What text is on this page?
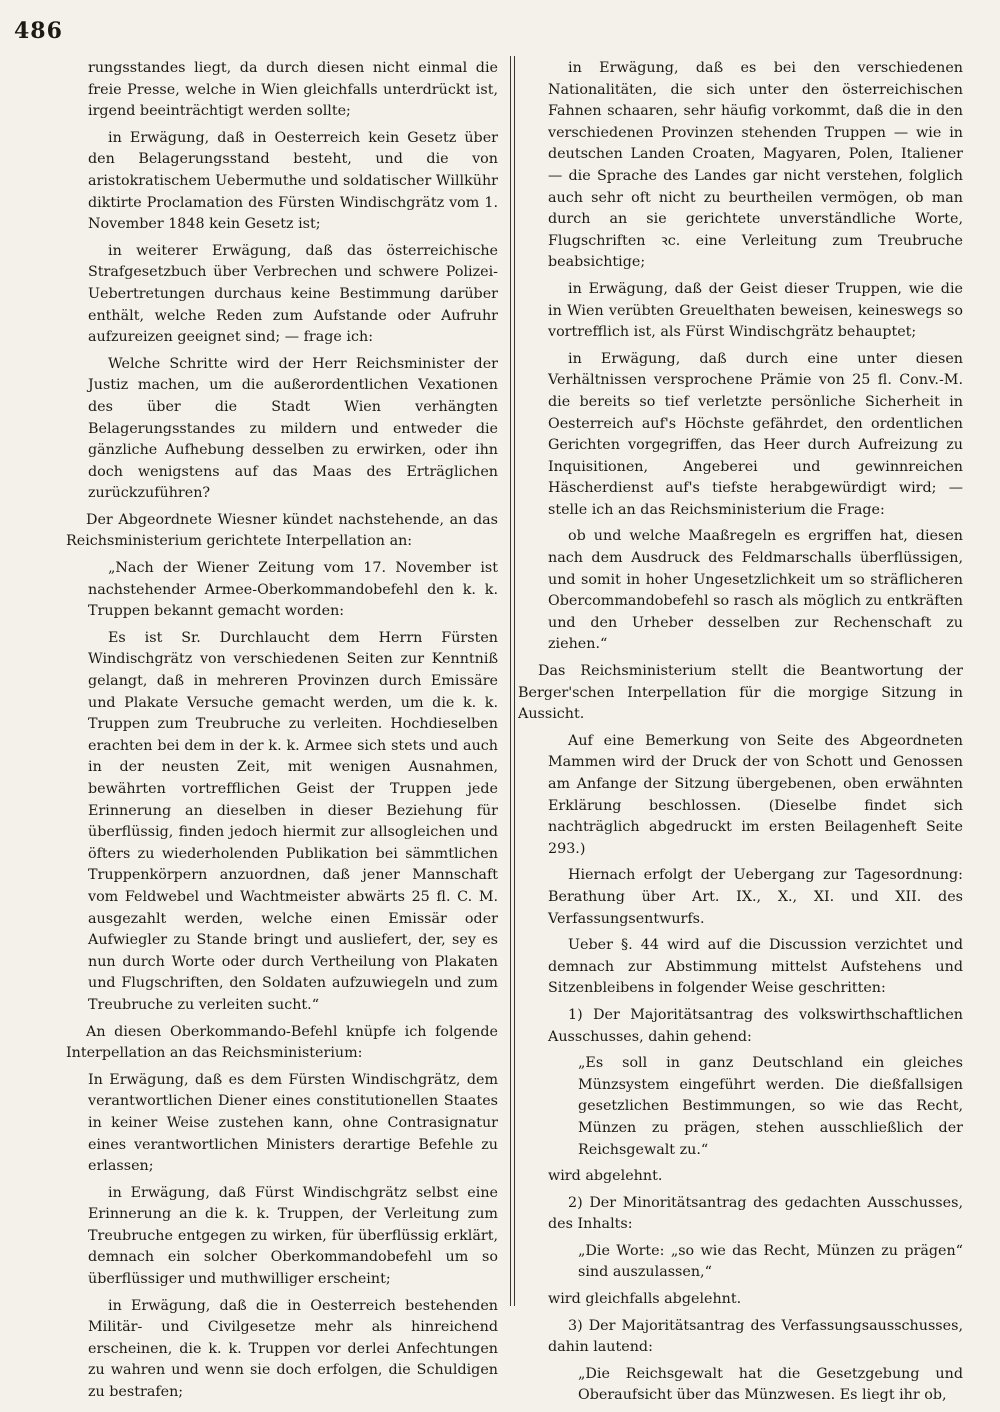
486

rungsstandes liegt, da durch diesen nicht einmal die freie Presse, welche in Wien gleichfalls unterdrückt ist, irgend beeinträchtigt werden sollte;

in Erwägung, daß in Oesterreich kein Gesetz über den Belagerungsstand besteht, und die von aristokratischem Uebermuthe und soldatischer Willkühr diktirte Proclamation des Fürsten Windischgrätz vom 1. November 1848 kein Gesetz ist;

in weiterer Erwägung, daß das österreichische Strafgesetzbuch über Verbrechen und schwere Polizei-Uebertretungen durchaus keine Bestimmung darüber enthält, welche Reden zum Aufstande oder Aufruhr aufzureizen geeignet sind; — frage ich:

Welche Schritte wird der Herr Reichsminister der Justiz machen, um die außerordentlichen Vexationen des über die Stadt Wien verhängten Belagerungsstandes zu mildern und entweder die gänzliche Aufhebung desselben zu erwirken, oder ihn doch wenigstens auf das Maas des Erträglichen zurückzuführen?

Der Abgeordnete Wiesner kündet nachstehende, an das Reichsministerium gerichtete Interpellation an:

„Nach der Wiener Zeitung vom 17. November ist nachstehender Armee-Oberkommandobefehl den k. k. Truppen bekannt gemacht worden:

Es ist Sr. Durchlaucht dem Herrn Fürsten Windischgrätz von verschiedenen Seiten zur Kenntniß gelangt, daß in mehreren Provinzen durch Emissäre und Plakate Versuche gemacht werden, um die k. k. Truppen zum Treubruche zu verleiten. Hochdieselben erachten bei dem in der k. k. Armee sich stets und auch in der neusten Zeit, mit wenigen Ausnahmen, bewährten vortrefflichen Geist der Truppen jede Erinnerung an dieselben in dieser Beziehung für überflüssig, finden jedoch hiermit zur allsogleichen und öfters zu wiederholenden Publikation bei sämmtlichen Truppenkörpern anzuordnen, daß jener Mannschaft vom Feldwebel und Wachtmeister abwärts 25 fl. C. M. ausgezahlt werden, welche einen Emissär oder Aufwiegler zu Stande bringt und ausliefert, der, sey es nun durch Worte oder durch Vertheilung von Plakaten und Flugschriften, den Soldaten aufzuwiegeln und zum Treubruche zu verleiten sucht.“

An diesen Oberkommando-Befehl knüpfe ich folgende Interpellation an das Reichsministerium:

In Erwägung, daß es dem Fürsten Windischgrätz, dem verantwortlichen Diener eines constitutionellen Staates in keiner Weise zustehen kann, ohne Contrasignatur eines verantwortlichen Ministers derartige Befehle zu erlassen;

in Erwägung, daß Fürst Windischgrätz selbst eine Erinnerung an die k. k. Truppen, der Verleitung zum Treubruche entgegen zu wirken, für überflüssig erklärt, demnach ein solcher Oberkommandobefehl um so überflüssiger und muthwilliger erscheint;

in Erwägung, daß die in Oesterreich bestehenden Militär- und Civilgesetze mehr als hinreichend erscheinen, die k. k. Truppen vor derlei Anfechtungen zu wahren und wenn sie doch erfolgen, die Schuldigen zu bestrafen;

in Erwägung, daß es bei den verschiedenen Nationalitäten, die sich unter den österreichischen Fahnen schaaren, sehr häufig vorkommt, daß die in den verschiedenen Provinzen stehenden Truppen — wie in deutschen Landen Croaten, Magyaren, Polen, Italiener — die Sprache des Landes gar nicht verstehen, folglich auch sehr oft nicht zu beurtheilen vermögen, ob man durch an sie gerichtete unverständliche Worte, Flugschriften ꝛc. eine Verleitung zum Treubruche beabsichtige;

in Erwägung, daß der Geist dieser Truppen, wie die in Wien verübten Greuelthaten beweisen, keineswegs so vortrefflich ist, als Fürst Windischgrätz behauptet;

in Erwägung, daß durch eine unter diesen Verhältnissen versprochene Prämie von 25 fl. Conv.-M. die bereits so tief verletzte persönliche Sicherheit in Oesterreich auf's Höchste gefährdet, den ordentlichen Gerichten vorgegriffen, das Heer durch Aufreizung zu Inquisitionen, Angeberei und gewinnreichen Häscherdienst auf's tiefste herabgewürdigt wird; — stelle ich an das Reichsministerium die Frage:

ob und welche Maaßregeln es ergriffen hat, diesen nach dem Ausdruck des Feldmarschalls überflüssigen, und somit in hoher Ungesetzlichkeit um so sträflicheren Obercommandobefehl so rasch als möglich zu entkräften und den Urheber desselben zur Rechenschaft zu ziehen.“

Das Reichsministerium stellt die Beantwortung der Berger'schen Interpellation für die morgige Sitzung in Aussicht.

Auf eine Bemerkung von Seite des Abgeordneten Mammen wird der Druck der von Schott und Genossen am Anfange der Sitzung übergebenen, oben erwähnten Erklärung beschlossen. (Dieselbe findet sich nachträglich abgedruckt im ersten Beilagenheft Seite 293.)

Hiernach erfolgt der Uebergang zur Tagesordnung: Berathung über Art. IX., X., XI. und XII. des Verfassungsentwurfs.

Ueber §. 44 wird auf die Discussion verzichtet und demnach zur Abstimmung mittelst Aufstehens und Sitzenbleibens in folgender Weise geschritten:

1) Der Majoritätsantrag des volkswirthschaftlichen Ausschusses, dahin gehend:

„Es soll in ganz Deutschland ein gleiches Münzsystem eingeführt werden. Die dießfallsigen gesetzlichen Bestimmungen, so wie das Recht, Münzen zu prägen, stehen ausschließlich der Reichsgewalt zu.“

wird abgelehnt.

2) Der Minoritätsantrag des gedachten Ausschusses, des Inhalts:

„Die Worte: „so wie das Recht, Münzen zu prägen“ sind auszulassen,“

wird gleichfalls abgelehnt.

3) Der Majoritätsantrag des Verfassungsausschusses, dahin lautend:

„Die Reichsgewalt hat die Gesetzgebung und Oberaufsicht über das Münzwesen. Es liegt ihr ob,
